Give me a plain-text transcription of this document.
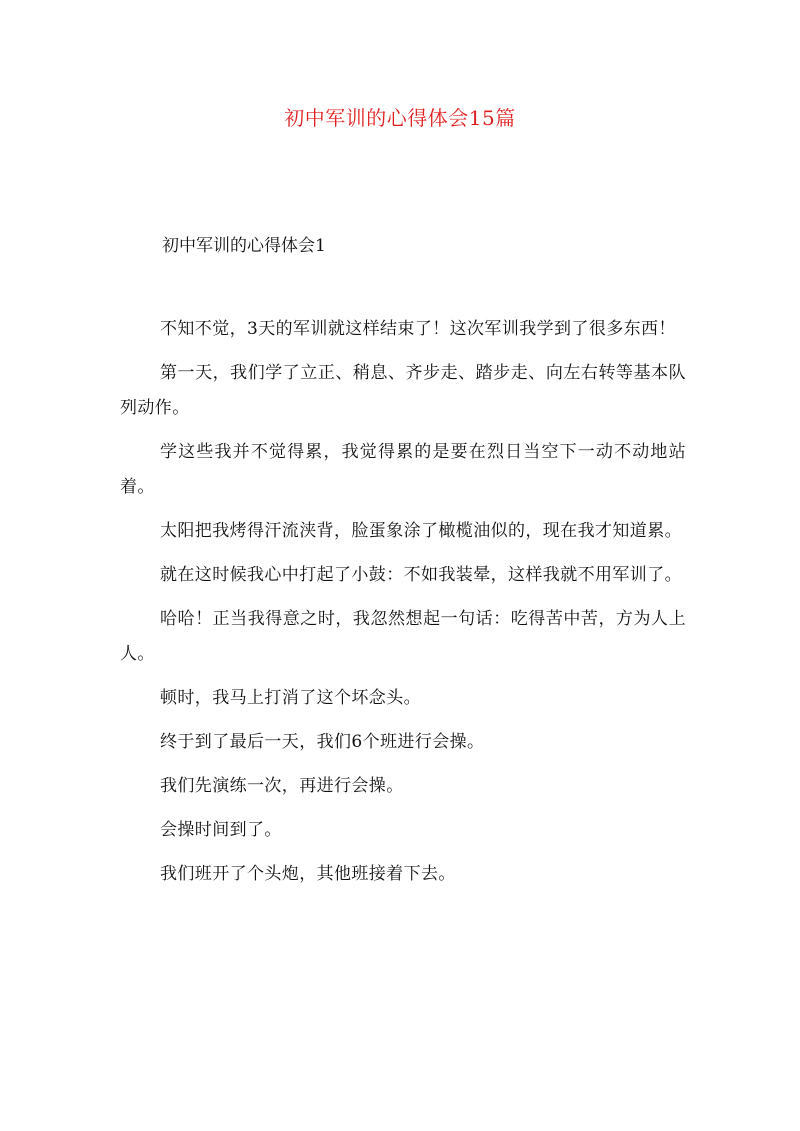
初中军训的心得体会15篇
初中军训的心得体会1

不知不觉，3天的军训就这样结束了！这次军训我学到了很多东西！

第一天，我们学了立正、稍息、齐步走、踏步走、向左右转等基本队列动作。

学这些我并不觉得累，我觉得累的是要在烈日当空下一动不动地站着。

太阳把我烤得汗流浃背，脸蛋象涂了橄榄油似的，现在我才知道累。

就在这时候我心中打起了小鼓：不如我装晕，这样我就不用军训了。

哈哈！正当我得意之时，我忽然想起一句话：吃得苦中苦，方为人上人。

顿时，我马上打消了这个坏念头。

终于到了最后一天，我们6个班进行会操。

我们先演练一次，再进行会操。

会操时间到了。

我们班开了个头炮，其他班接着下去。
